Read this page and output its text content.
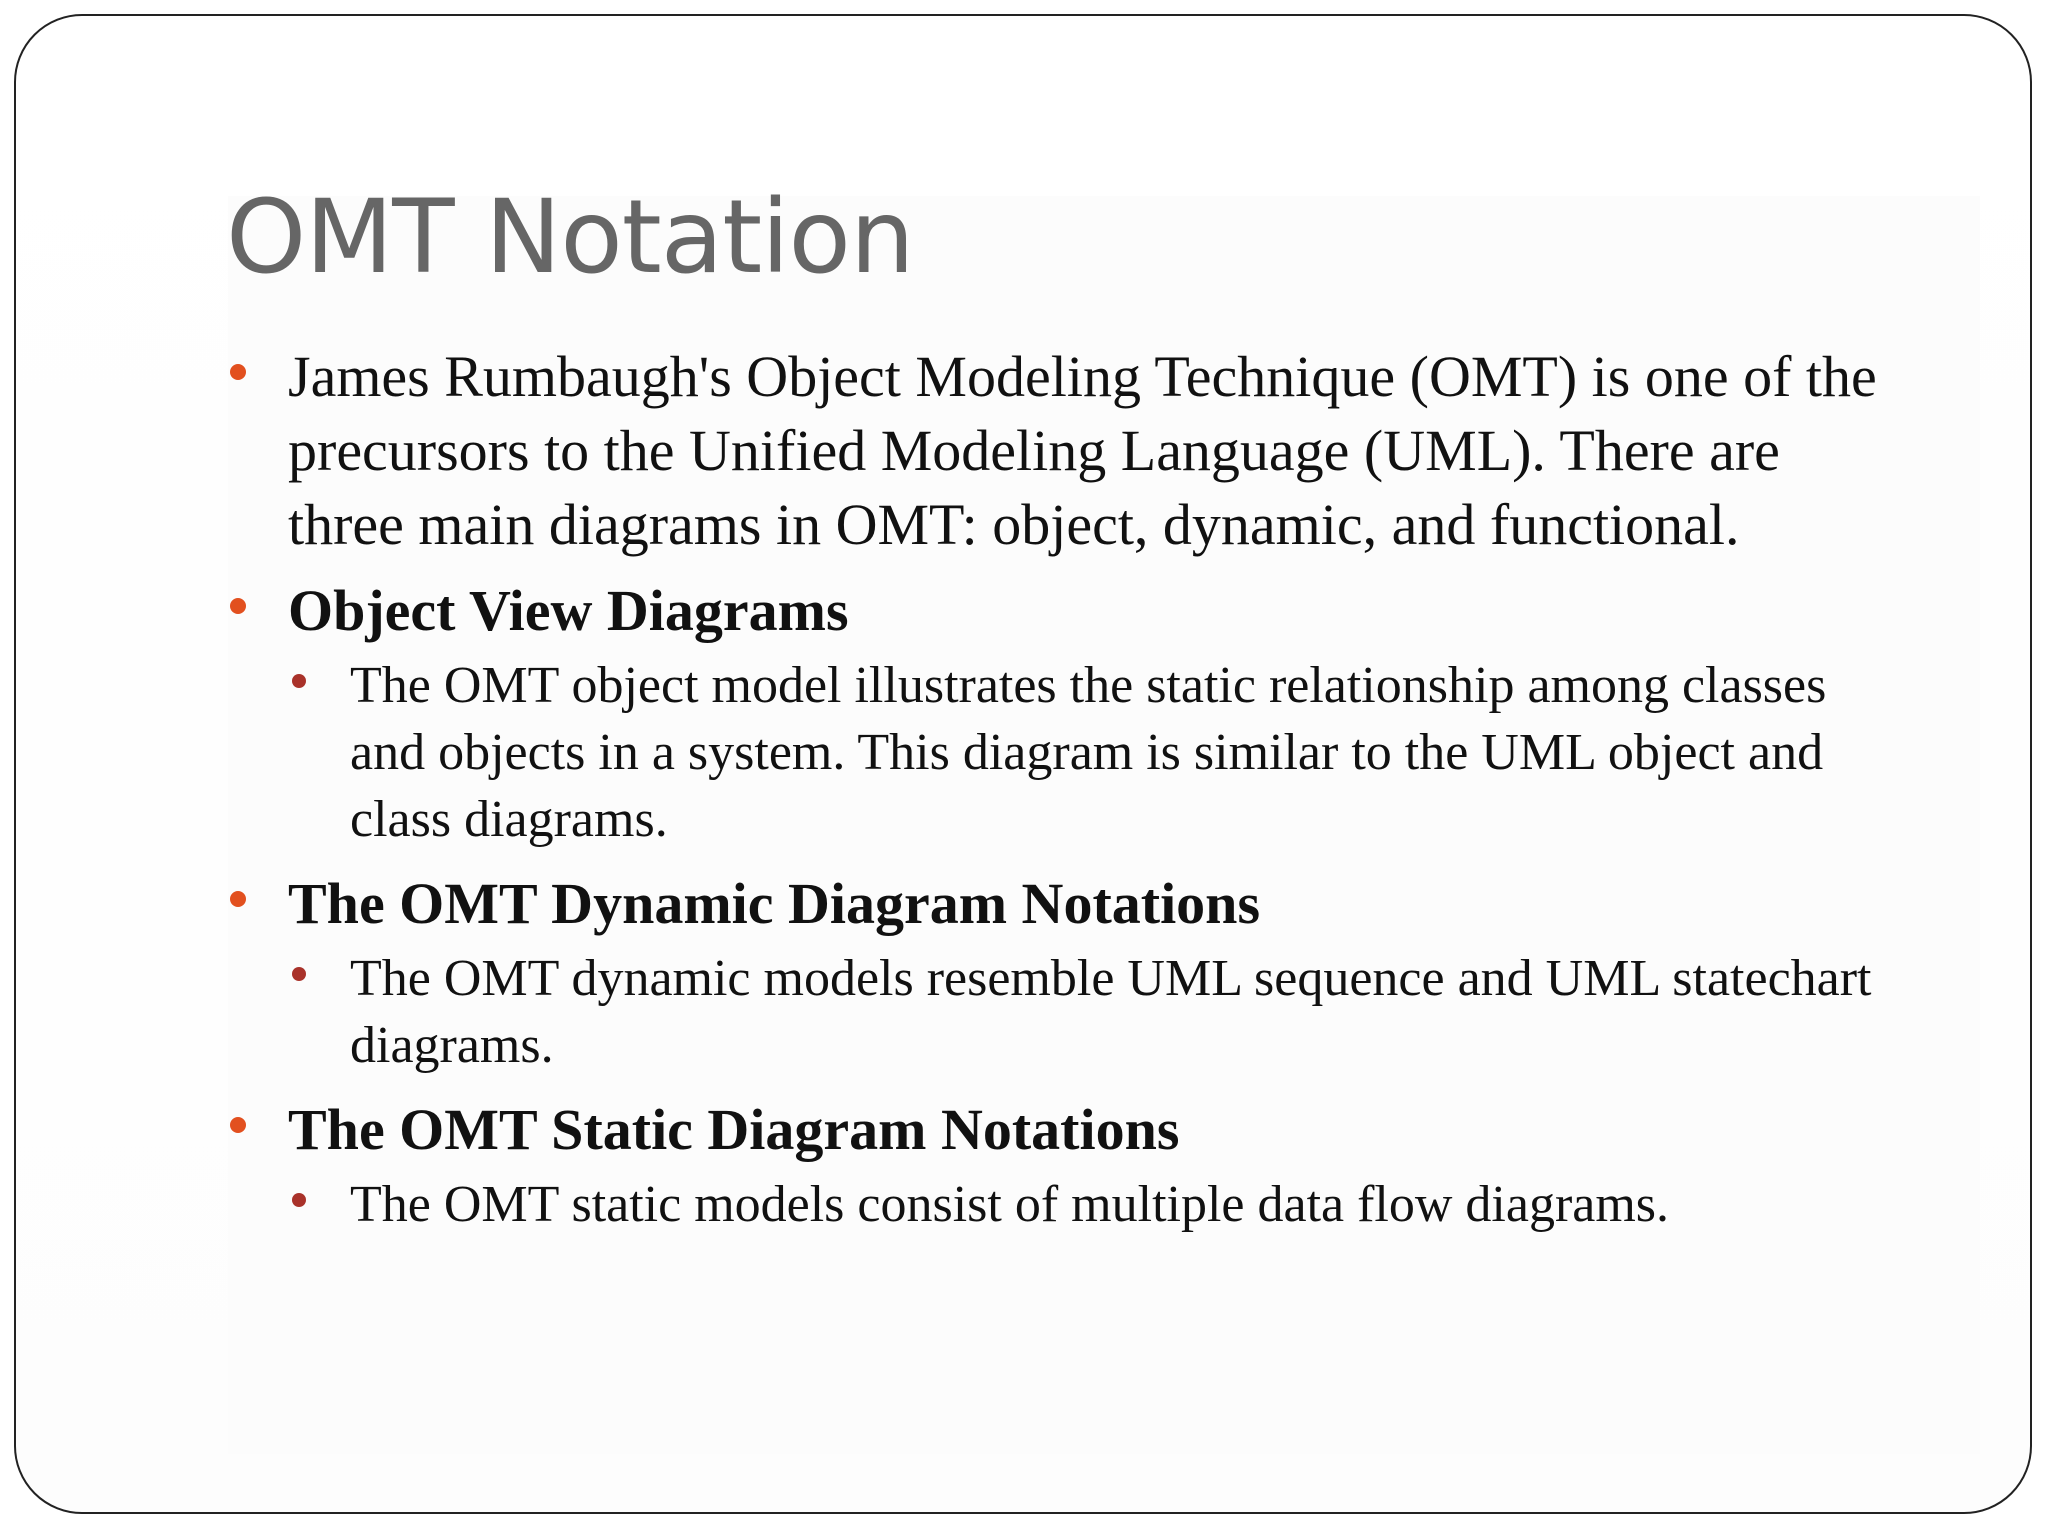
OMT Notation
James Rumbaugh's Object Modeling Technique (OMT) is one of the precursors to the Unified Modeling Language (UML). There are three main diagrams in OMT: object, dynamic, and functional.
Object View Diagrams
The OMT object model illustrates the static relationship among classes and objects in a system. This diagram is similar to the UML object and class diagrams.
The OMT Dynamic Diagram Notations
The OMT dynamic models resemble UML sequence and UML statechart diagrams.
The OMT Static Diagram Notations
The OMT static models consist of multiple data flow diagrams.
